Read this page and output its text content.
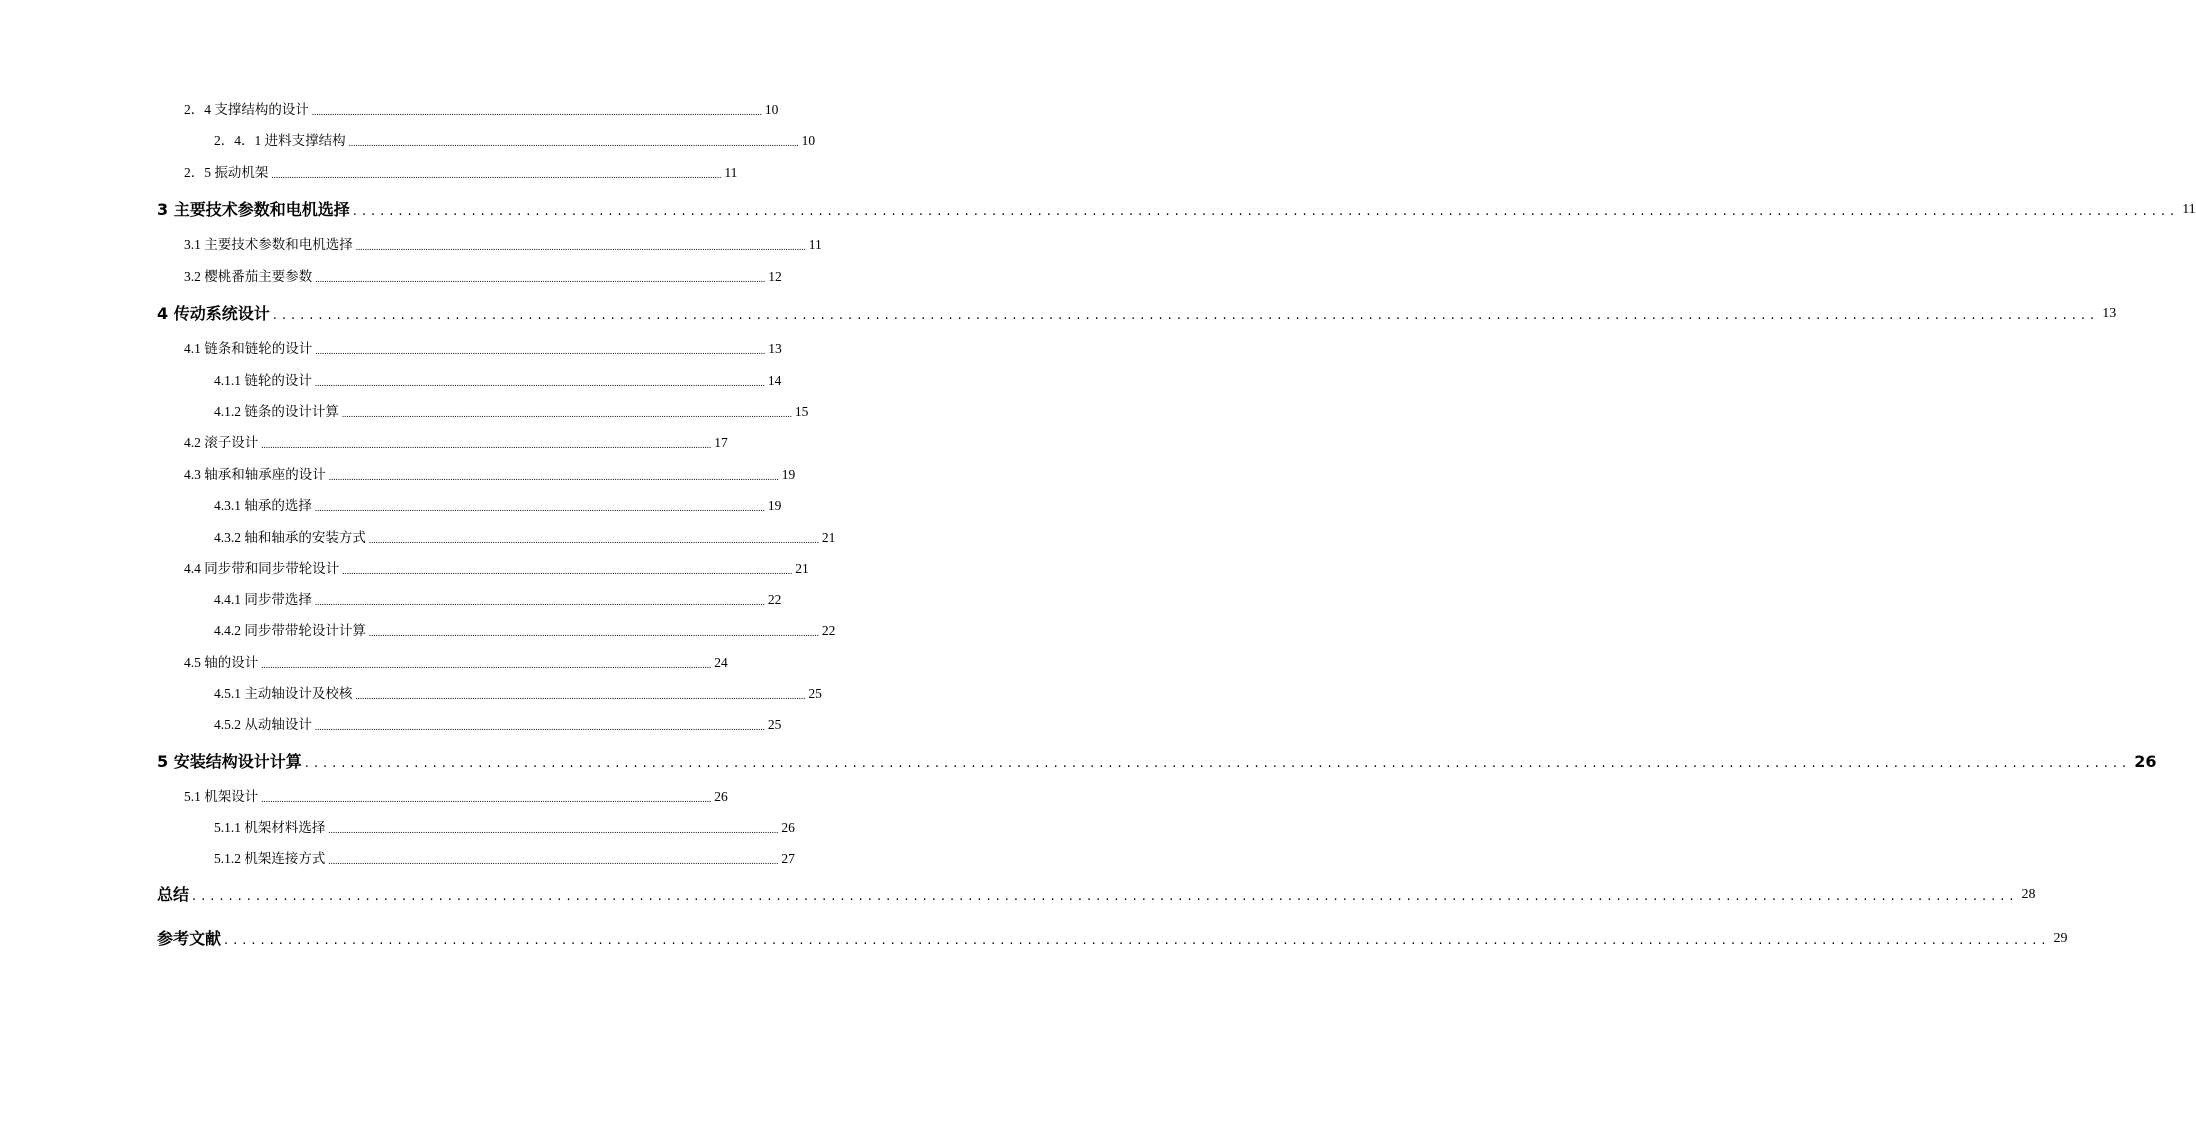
2．4 支撑结构的设计 ........................................................................................................................................................................................................ 10
2．4．1 进料支撑结构 ........................................................................................................................................................................................................ 10
2．5 振动机架 ........................................................................................................................................................................................................ 11
3 主要技术参数和电机选择 ........................................................................................................................................................................................................ 11
3.1 主要技术参数和电机选择 ........................................................................................................................................................................................................ 11
3.2 樱桃番茄主要参数 ........................................................................................................................................................................................................ 12
4 传动系统设计 ........................................................................................................................................................................................................ 13
4.1 链条和链轮的设计 ........................................................................................................................................................................................................ 13
4.1.1 链轮的设计 ........................................................................................................................................................................................................ 14
4.1.2 链条的设计计算 ........................................................................................................................................................................................................ 15
4.2 滚子设计 ........................................................................................................................................................................................................ 17
4.3 轴承和轴承座的设计 ........................................................................................................................................................................................................ 19
4.3.1 轴承的选择 ........................................................................................................................................................................................................ 19
4.3.2 轴和轴承的安装方式 ........................................................................................................................................................................................................ 21
4.4 同步带和同步带轮设计 ........................................................................................................................................................................................................ 21
4.4.1 同步带选择 ........................................................................................................................................................................................................ 22
4.4.2 同步带带轮设计计算 ........................................................................................................................................................................................................ 22
4.5 轴的设计 ........................................................................................................................................................................................................ 24
4.5.1 主动轴设计及校核 ........................................................................................................................................................................................................ 25
4.5.2 从动轴设计 ........................................................................................................................................................................................................ 25
5 安装结构设计计算 ........................................................................................................................................................................................................ 26
5.1 机架设计 ........................................................................................................................................................................................................ 26
5.1.1 机架材料选择 ........................................................................................................................................................................................................ 26
5.1.2 机架连接方式 ........................................................................................................................................................................................................ 27
总结 ........................................................................................................................................................................................................ 28
参考文献 ........................................................................................................................................................................................................ 29
